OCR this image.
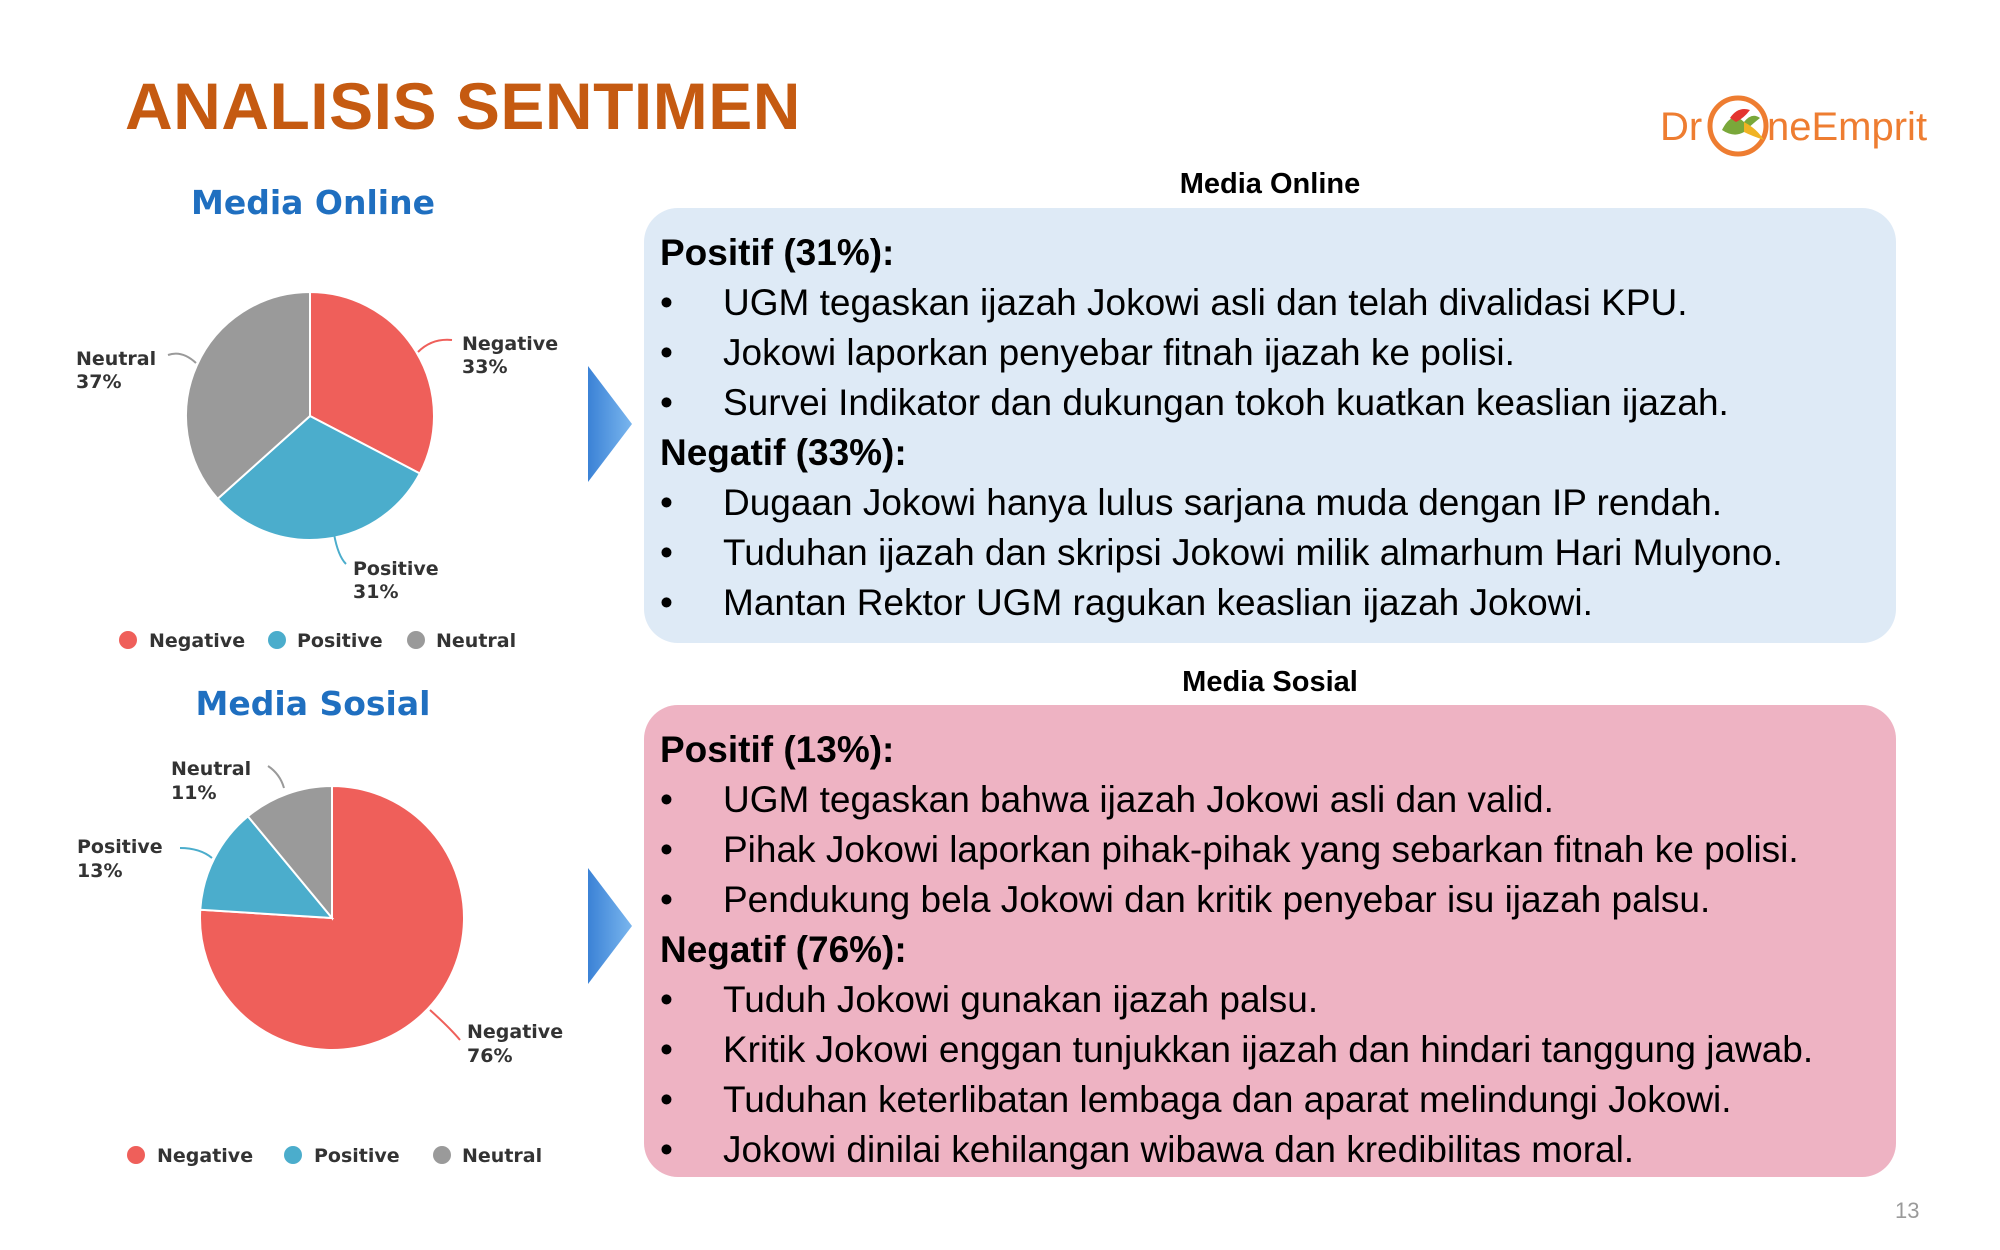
ANALISIS SENTIMEN	Dr neEmprit
Media Online
Media Sosial
Negative
33%
Positive
31%
Neutral
37%
Negative	Positive	Neutral
Negative
76%
Positive
13%
Neutral
11%
Negative	Positive	Neutral
Media Online
Media Sosial
Positif (31%):
• UGM tegaskan ijazah Jokowi asli dan telah divalidasi KPU.
• Jokowi laporkan penyebar fitnah ijazah ke polisi.
• Survei Indikator dan dukungan tokoh kuatkan keaslian ijazah.
Negatif (33%):
• Dugaan Jokowi hanya lulus sarjana muda dengan IP rendah.
• Tuduhan ijazah dan skripsi Jokowi milik almarhum Hari Mulyono.
• Mantan Rektor UGM ragukan keaslian ijazah Jokowi.
Positif (13%):
• UGM tegaskan bahwa ijazah Jokowi asli dan valid.
• Pihak Jokowi laporkan pihak-pihak yang sebarkan fitnah ke polisi.
• Pendukung bela Jokowi dan kritik penyebar isu ijazah palsu.
Negatif (76%):
• Tuduh Jokowi gunakan ijazah palsu.
• Kritik Jokowi enggan tunjukkan ijazah dan hindari tanggung jawab.
• Tuduhan keterlibatan lembaga dan aparat melindungi Jokowi.
• Jokowi dinilai kehilangan wibawa dan kredibilitas moral.
13
